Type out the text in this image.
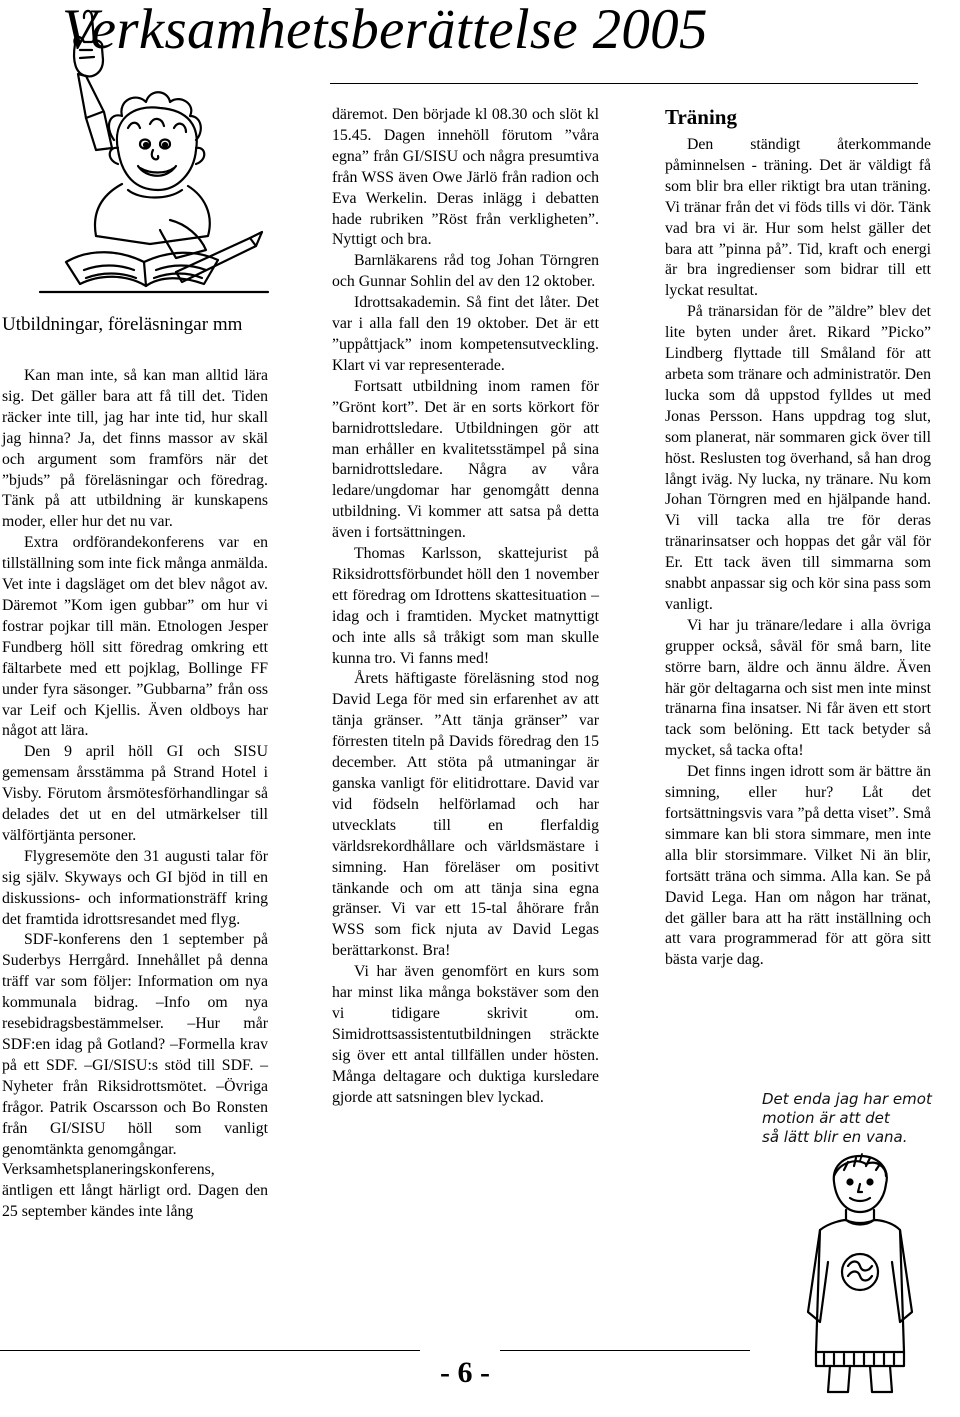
Verksamhetsberättelse 2005
Utbildningar, föreläsningar mm

Kan man inte, så kan man alltid lära sig. Det gäller bara att få till det. Tiden räcker inte till, jag har inte tid, hur skall jag hinna? Ja, det finns massor av skäl och argument som framförs när det ”bjuds” på föreläsningar och föredrag. Tänk på att utbildning är kunskapens moder, eller hur det nu var.

Extra ordförandekonferens var en tillställning som inte fick många anmälda. Vet inte i dagsläget om det blev något av. Däremot ”Kom igen gubbar” om hur vi fostrar pojkar till män. Etnologen Jesper Fundberg höll sitt föredrag omkring ett fältarbete med ett pojklag, Bollinge FF under fyra säsonger. ”Gubbarna” från oss var Leif och Kjellis. Även oldboys har något att lära.

Den 9 april höll GI och SISU gemensam årsstämma på Strand Hotel i Visby. Förutom årsmötesförhandlingar så delades det ut en del utmärkelser till välförtjänta personer.

Flygresemöte den 31 augusti talar för sig själv. Skyways och GI bjöd in till en diskussions- och informationsträff kring det framtida idrottsresandet med flyg.

SDF-konferens den 1 september på Suderbys Herrgård. Innehållet på denna träff var som följer: Information om nya kommunala bidrag. –Info om nya resebidragsbestämmelser. –Hur mår SDF:en idag på Gotland? –Formella krav på ett SDF. –GI/SISU:s stöd till SDF. –Nyheter från Riksidrottsmötet. –Övriga frågor. Patrik Oscarsson och Bo Ronsten från GI/SISU höll som vanligt genomtänkta genomgångar.

Verksamhetsplaneringskonferens, äntligen ett långt härligt ord. Dagen den 25 september kändes inte lång

däremot. Den började kl 08.30 och slöt kl 15.45. Dagen innehöll förutom ”våra egna” från GI/SISU och några presumtiva från WSS även Owe Järlö från radion och Eva Werkelin. Deras inlägg i debatten hade rubriken ”Röst från verkligheten”. Nyttigt och bra.

Barnläkarens råd tog Johan Törngren och Gunnar Sohlin del av den 12 oktober.

Idrottsakademin. Så fint det låter. Det var i alla fall den 19 oktober. Det är ett ”uppåttjack” inom kompetensutveckling. Klart vi var representerade.

Fortsatt utbildning inom ramen för ”Grönt kort”. Det är en sorts körkort för barnidrottsledare. Utbildningen gör att man erhåller en kvalitetsstämpel på sina barnidrottsledare. Några av våra ledare/ungdomar har genomgått denna utbildning. Vi kommer att satsa på detta även i fortsättningen.

Thomas Karlsson, skattejurist på Riksidrottsförbundet höll den 1 november ett föredrag om Idrottens skattesituation – idag och i framtiden. Mycket matnyttigt och inte alls så tråkigt som man skulle kunna tro. Vi fanns med!

Årets häftigaste föreläsning stod nog David Lega för med sin erfarenhet av att tänja gränser. ”Att tänja gränser” var förresten titeln på Davids föredrag den 15 december. Att stöta på utmaningar är ganska vanligt för elitidrottare. David var vid födseln helförlamad och har utvecklats till en flerfaldig världsrekordhållare och världsmästare i simning. Han föreläser om positivt tänkande och om att tänja sina egna gränser. Vi var ett 15-tal åhörare från WSS som fick njuta av David Legas berättarkonst. Bra!

Vi har även genomfört en kurs som har minst lika många bokstäver som den vi tidigare skrivit om. Simidrottsassistentutbildningen sträckte sig över ett antal tillfällen under hösten. Många deltagare och duktiga kursledare gjorde att satsningen blev lyckad.

Träning

Den ständigt återkommande påminnelsen - träning. Det är väldigt få som blir bra eller riktigt bra utan träning. Vi tränar från det vi föds tills vi dör. Tänk vad bra vi är. Hur som helst gäller det bara att ”pinna på”. Tid, kraft och energi är bra ingredienser som bidrar till ett lyckat resultat.

På tränarsidan för de ”äldre” blev det lite byten under året. Rikard ”Picko” Lindberg flyttade till Småland för att arbeta som tränare och administratör. Den lucka som då uppstod fylldes ut med Jonas Persson. Hans uppdrag tog slut, som planerat, när sommaren gick över till höst. Reslusten tog överhand, så han drog långt iväg. Ny lucka, ny tränare. Nu kom Johan Törngren med en hjälpande hand. Vi vill tacka alla tre för deras tränarinsatser och hoppas det går väl för Er. Ett tack även till simmarna som snabbt anpassar sig och kör sina pass som vanligt.

Vi har ju tränare/ledare i alla övriga grupper också, såväl för små barn, lite större barn, äldre och ännu äldre. Även här gör deltagarna och sist men inte minst tränarna fina insatser. Ni får även ett stort tack som belöning. Ett tack betyder så mycket, så tacka ofta!

Det finns ingen idrott som är bättre än simning, eller hur? Låt det fortsättningsvis vara ”på detta viset”. Små simmare kan bli stora simmare, men inte alla blir storsimmare. Vilket Ni än blir, fortsätt träna och simma. Alla kan. Se på David Lega. Han om någon har tränat, det gäller bara att ha rätt inställning och att vara programmerad för att göra sitt bästa varje dag.

Det enda jag har emot
motion är att det
så lätt blir en vana.
- 6 -
